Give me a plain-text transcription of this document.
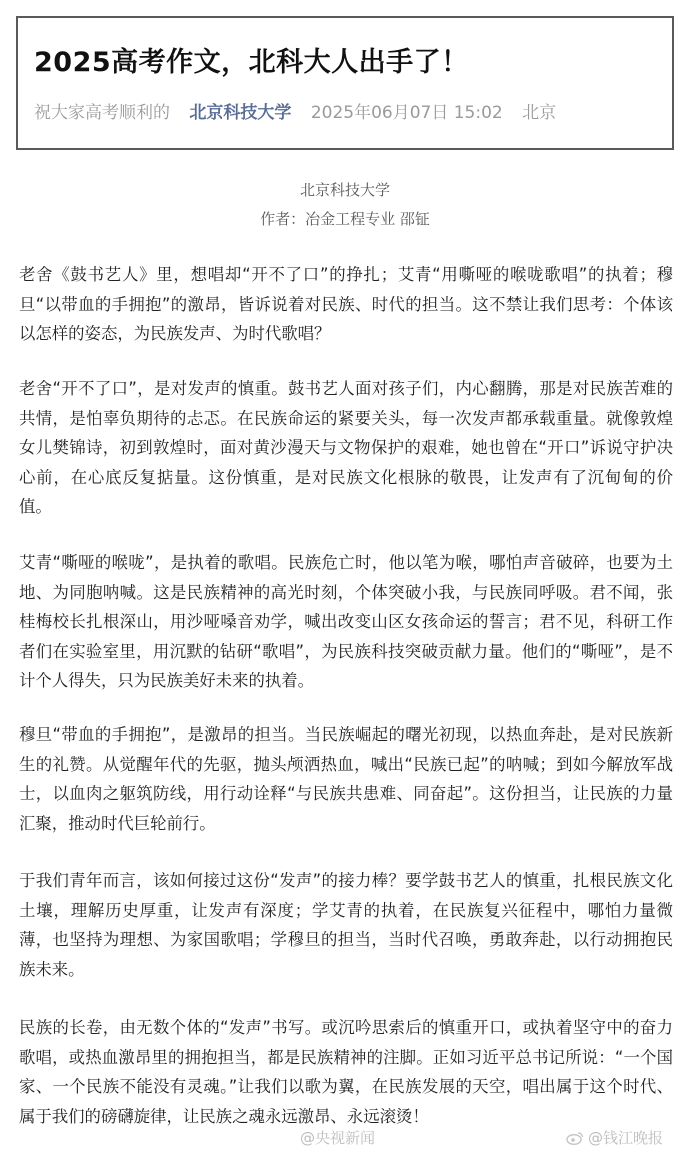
2025高考作文，北科大人出手了！
祝大家高考顺利的 北京科技大学 2025年06月07日 15:02 北京
北京科技大学
作者：冶金工程专业 邵钲

老舍《鼓书艺人》里，想唱却“开不了口”的挣扎；艾青“用嘶哑的喉咙歌唱”的执着；穆旦“以带血的手拥抱”的激昂，皆诉说着对民族、时代的担当。这不禁让我们思考：个体该以怎样的姿态，为民族发声、为时代歌唱？

老舍“开不了口”，是对发声的慎重。鼓书艺人面对孩子们，内心翻腾，那是对民族苦难的共情，是怕辜负期待的忐忑。在民族命运的紧要关头，每一次发声都承载重量。就像敦煌女儿樊锦诗，初到敦煌时，面对黄沙漫天与文物保护的艰难，她也曾在“开口”诉说守护决心前，在心底反复掂量。这份慎重，是对民族文化根脉的敬畏，让发声有了沉甸甸的价值。

艾青“嘶哑的喉咙”，是执着的歌唱。民族危亡时，他以笔为喉，哪怕声音破碎，也要为土地、为同胞呐喊。这是民族精神的高光时刻，个体突破小我，与民族同呼吸。君不闻，张桂梅校长扎根深山，用沙哑嗓音劝学，喊出改变山区女孩命运的誓言；君不见，科研工作者们在实验室里，用沉默的钻研“歌唱”，为民族科技突破贡献力量。他们的“嘶哑”，是不计个人得失，只为民族美好未来的执着。

穆旦“带血的手拥抱”，是激昂的担当。当民族崛起的曙光初现，以热血奔赴，是对民族新生的礼赞。从觉醒年代的先驱，抛头颅洒热血，喊出“民族已起”的呐喊；到如今解放军战士，以血肉之躯筑防线，用行动诠释“与民族共患难、同奋起”。这份担当，让民族的力量汇聚，推动时代巨轮前行。

于我们青年而言，该如何接过这份“发声”的接力棒？要学鼓书艺人的慎重，扎根民族文化土壤，理解历史厚重，让发声有深度；学艾青的执着，在民族复兴征程中，哪怕力量微薄，也坚持为理想、为家国歌唱；学穆旦的担当，当时代召唤，勇敢奔赴，以行动拥抱民族未来。

民族的长卷，由无数个体的“发声”书写。或沉吟思索后的慎重开口，或执着坚守中的奋力歌唱，或热血激昂里的拥抱担当，都是民族精神的注脚。正如习近平总书记所说：“一个国家、一个民族不能没有灵魂。”让我们以歌为翼，在民族发展的天空，唱出属于这个时代、属于我们的磅礴旋律，让民族之魂永远激昂、永远滚烫！

@央视新闻	@钱江晚报
